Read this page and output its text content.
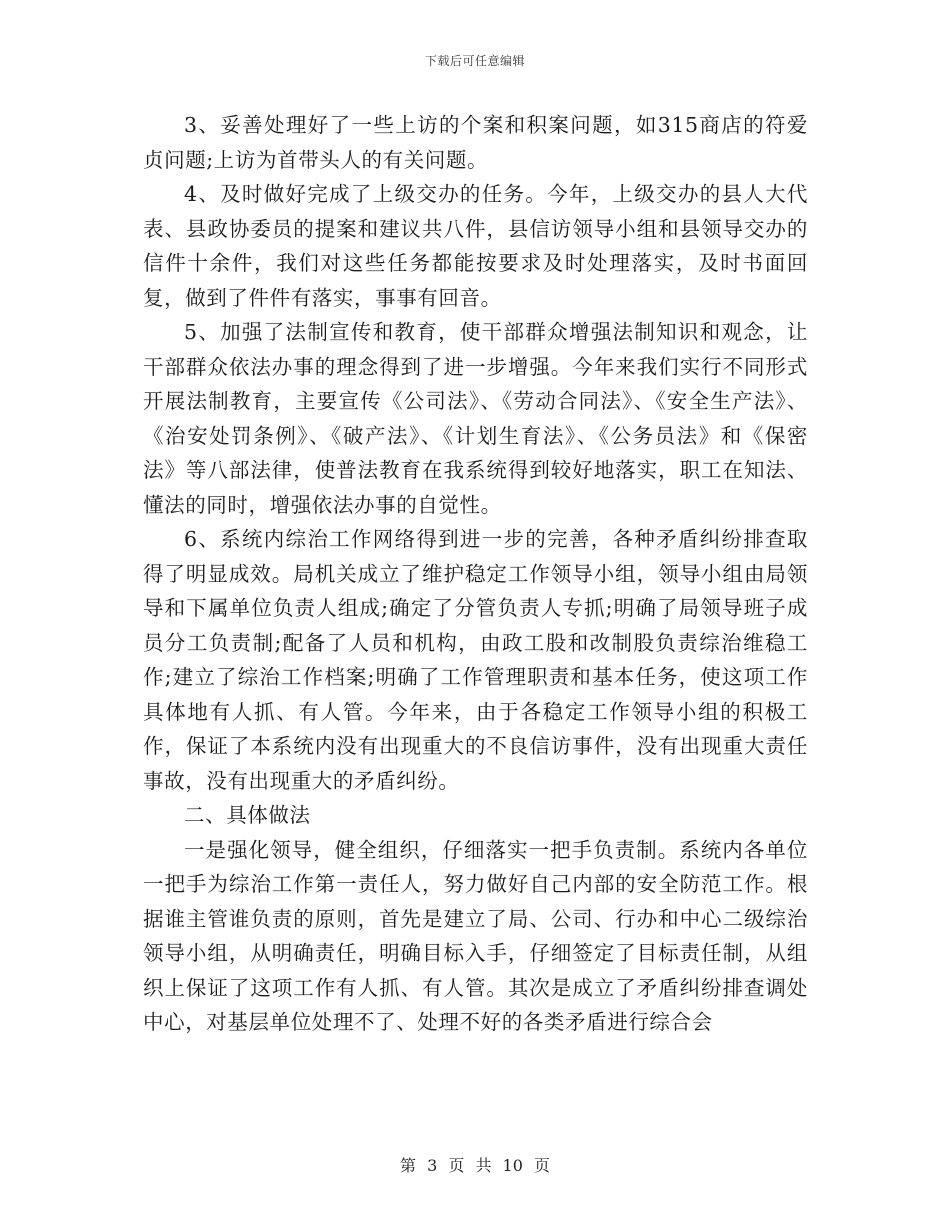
下载后可任意编辑

3、妥善处理好了一些上访的个案和积案问题，如315商店的符爱贞问题;上访为首带头人的有关问题。

4、及时做好完成了上级交办的任务。今年，上级交办的县人大代表、县政协委员的提案和建议共八件，县信访领导小组和县领导交办的信件十余件，我们对这些任务都能按要求及时处理落实，及时书面回复，做到了件件有落实，事事有回音。

5、加强了法制宣传和教育，使干部群众增强法制知识和观念，让干部群众依法办事的理念得到了进一步增强。今年来我们实行不同形式开展法制教育，主要宣传《公司法》、《劳动合同法》、《安全生产法》、《治安处罚条例》、《破产法》、《计划生育法》、《公务员法》和《保密法》等八部法律，使普法教育在我系统得到较好地落实，职工在知法、懂法的同时，增强依法办事的自觉性。

6、系统内综治工作网络得到进一步的完善，各种矛盾纠纷排查取得了明显成效。局机关成立了维护稳定工作领导小组，领导小组由局领导和下属单位负责人组成;确定了分管负责人专抓;明确了局领导班子成员分工负责制;配备了人员和机构，由政工股和改制股负责综治维稳工作;建立了综治工作档案;明确了工作管理职责和基本任务，使这项工作具体地有人抓、有人管。今年来，由于各稳定工作领导小组的积极工作，保证了本系统内没有出现重大的不良信访事件，没有出现重大责任事故，没有出现重大的矛盾纠纷。

二、具体做法

一是强化领导，健全组织，仔细落实一把手负责制。系统内各单位一把手为综治工作第一责任人，努力做好自己内部的安全防范工作。根据谁主管谁负责的原则，首先是建立了局、公司、行办和中心二级综治领导小组，从明确责任，明确目标入手，仔细签定了目标责任制，从组织上保证了这项工作有人抓、有人管。其次是成立了矛盾纠纷排查调处中心，对基层单位处理不了、处理不好的各类矛盾进行综合会

第 3 页 共 10 页
